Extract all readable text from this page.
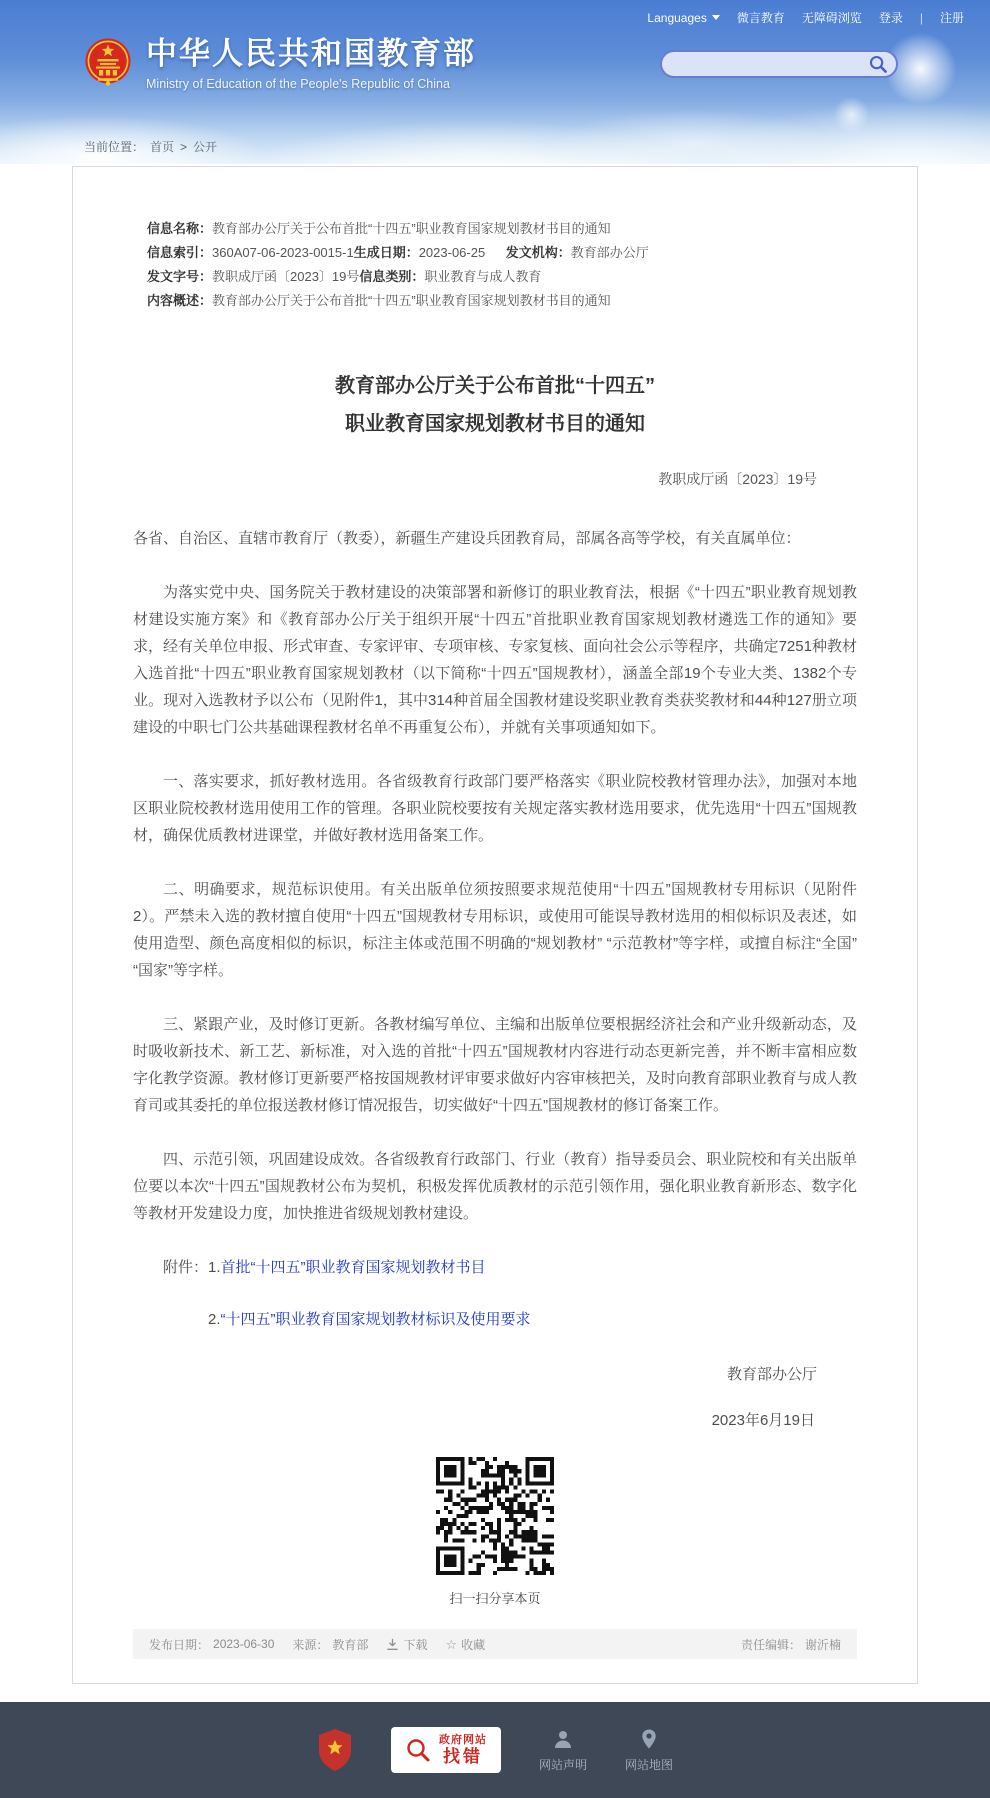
Languages	微言教育 无障碍浏览 登录 | 注册
中华人民共和国教育部
Ministry of Education of the People's Republic of China
当前位置： 首页 > 公开
信息名称： 教育部办公厅关于公布首批“十四五”职业教育国家规划教材书目的通知
信息索引： 360A07-06-2023-0015-1 生成日期： 2023-06-25 发文机构： 教育部办公厅
发文字号： 教职成厅函〔2023〕19号 信息类别： 职业教育与成人教育
内容概述： 教育部办公厅关于公布首批“十四五”职业教育国家规划教材书目的通知
教育部办公厅关于公布首批“十四五”
职业教育国家规划教材书目的通知
教职成厅函〔2023〕19号
各省、自治区、直辖市教育厅（教委），新疆生产建设兵团教育局，部属各高等学校，有关直属单位：

为落实党中央、国务院关于教材建设的决策部署和新修订的职业教育法，根据《“十四五”职业教育规划教材建设实施方案》和《教育部办公厅关于组织开展“十四五”首批职业教育国家规划教材遴选工作的通知》要求，经有关单位申报、形式审查、专家评审、专项审核、专家复核、面向社会公示等程序，共确定7251种教材入选首批“十四五”职业教育国家规划教材（以下简称“十四五”国规教材），涵盖全部19个专业大类、1382个专业。现对入选教材予以公布（见附件1，其中314种首届全国教材建设奖职业教育类获奖教材和44种127册立项建设的中职七门公共基础课程教材名单不再重复公布），并就有关事项通知如下。

一、落实要求，抓好教材选用。各省级教育行政部门要严格落实《职业院校教材管理办法》，加强对本地区职业院校教材选用使用工作的管理。各职业院校要按有关规定落实教材选用要求，优先选用“十四五”国规教材，确保优质教材进课堂，并做好教材选用备案工作。

二、明确要求，规范标识使用。有关出版单位须按照要求规范使用“十四五”国规教材专用标识（见附件2）。严禁未入选的教材擅自使用“十四五”国规教材专用标识，或使用可能误导教材选用的相似标识及表述，如使用造型、颜色高度相似的标识，标注主体或范围不明确的“规划教材” “示范教材”等字样，或擅自标注“全国” “国家”等字样。

三、紧跟产业，及时修订更新。各教材编写单位、主编和出版单位要根据经济社会和产业升级新动态，及时吸收新技术、新工艺、新标准，对入选的首批“十四五”国规教材内容进行动态更新完善，并不断丰富相应数字化教学资源。教材修订更新要严格按国规教材评审要求做好内容审核把关，及时向教育部职业教育与成人教育司或其委托的单位报送教材修订情况报告，切实做好“十四五”国规教材的修订备案工作。

四、示范引领，巩固建设成效。各省级教育行政部门、行业（教育）指导委员会、职业院校和有关出版单位要以本次“十四五”国规教材公布为契机，积极发挥优质教材的示范引领作用，强化职业教育新形态、数字化等教材开发建设力度，加快推进省级规划教材建设。

附件：1.首批“十四五”职业教育国家规划教材书目
2.“十四五”职业教育国家规划教材标识及使用要求
教育部办公厅
2023年6月19日
扫一扫分享本页
发布日期： 2023-06-30 来源： 教育部	下载 ☆ 收藏	责任编辑： 谢沂楠
政府网站
找错	网站声明	网站地图
